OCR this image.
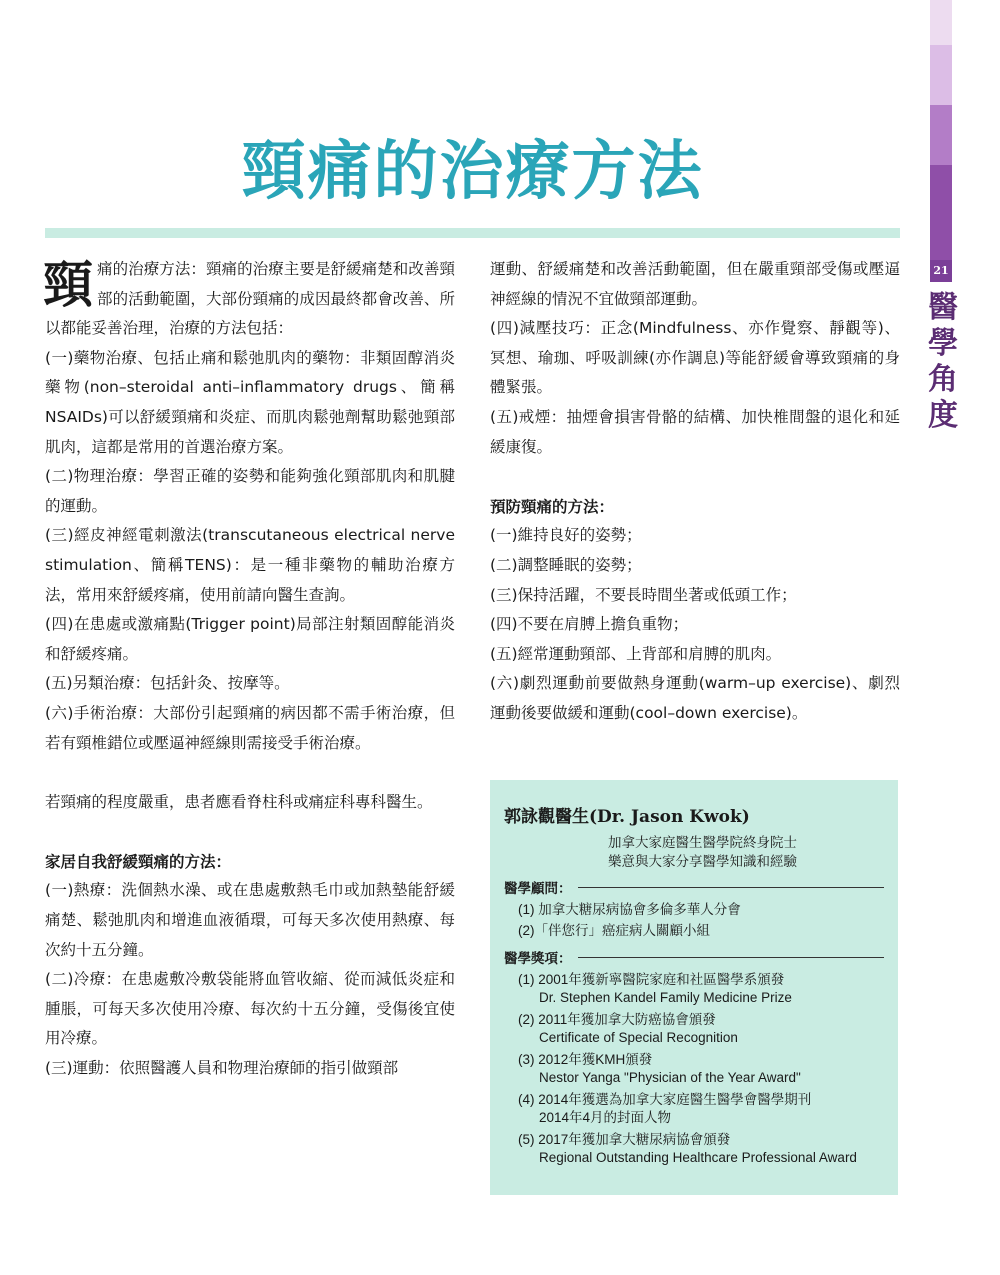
21
醫
學
角
度
頸痛的治療方法

頸痛的治療方法：頸痛的治療主要是舒緩痛楚和改善頸部的活動範圍，大部份頸痛的成因最終都會改善、所以都能妥善治理，治療的方法包括：

(一)藥物治療、包括止痛和鬆弛肌肉的藥物：非類固醇消炎藥物(non–steroidal anti–inflammatory drugs、簡稱NSAIDs)可以舒緩頸痛和炎症、而肌肉鬆弛劑幫助鬆弛頸部肌肉，這都是常用的首選治療方案。

(二)物理治療：學習正確的姿勢和能夠強化頸部肌肉和肌腱的運動。

(三)經皮神經電刺激法(transcutaneous electrical nerve stimulation、簡稱TENS)：是一種非藥物的輔助治療方法，常用來舒緩疼痛，使用前請向醫生查詢。

(四)在患處或激痛點(Trigger point)局部注射類固醇能消炎和舒緩疼痛。

(五)另類治療：包括針灸、按摩等。

(六)手術治療：大部份引起頸痛的病因都不需手術治療，但若有頸椎錯位或壓逼神經線則需接受手術治療。

若頸痛的程度嚴重，患者應看脊柱科或痛症科專科醫生。

家居自我舒緩頸痛的方法：

(一)熱療：洗個熱水澡、或在患處敷熱毛巾或加熱墊能舒緩痛楚、鬆弛肌肉和增進血液循環，可每天多次使用熱療、每次約十五分鐘。

(二)冷療：在患處敷冷敷袋能將血管收縮、從而減低炎症和腫脹，可每天多次使用冷療、每次約十五分鐘，受傷後宜使用冷療。

(三)運動：依照醫護人員和物理治療師的指引做頸部

運動、舒緩痛楚和改善活動範圍，但在嚴重頸部受傷或壓逼神經線的情況不宜做頸部運動。

(四)減壓技巧：正念(Mindfulness、亦作覺察、靜觀等)、冥想、瑜珈、呼吸訓練(亦作調息)等能舒緩會導致頸痛的身體緊張。

(五)戒煙：抽煙會損害骨骼的結構、加快椎間盤的退化和延緩康復。

預防頸痛的方法：

(一)維持良好的姿勢；

(二)調整睡眠的姿勢；

(三)保持活躍，不要長時間坐著或低頭工作；

(四)不要在肩膊上擔負重物；

(五)經常運動頸部、上背部和肩膊的肌肉。

(六)劇烈運動前要做熱身運動(warm–up exercise)、劇烈運動後要做緩和運動(cool–down exercise)。

郭詠觀醫生(Dr. Jason Kwok)
加拿大家庭醫生醫學院終身院士
樂意與大家分享醫學知識和經驗
醫學顧問：
(1) 加拿大糖尿病協會多倫多華人分會
(2)「伴您行」癌症病人關顧小組
醫學獎項：
(1) 2001年獲新寧醫院家庭和社區醫學系頒發
Dr. Stephen Kandel Family Medicine Prize
(2) 2011年獲加拿大防癌協會頒發
Certificate of Special Recognition
(3) 2012年獲KMH頒發
Nestor Yanga "Physician of the Year Award"
(4) 2014年獲選為加拿大家庭醫生醫學會醫學期刊
2014年4月的封面人物
(5) 2017年獲加拿大糖尿病協會頒發
Regional Outstanding Healthcare Professional Award
